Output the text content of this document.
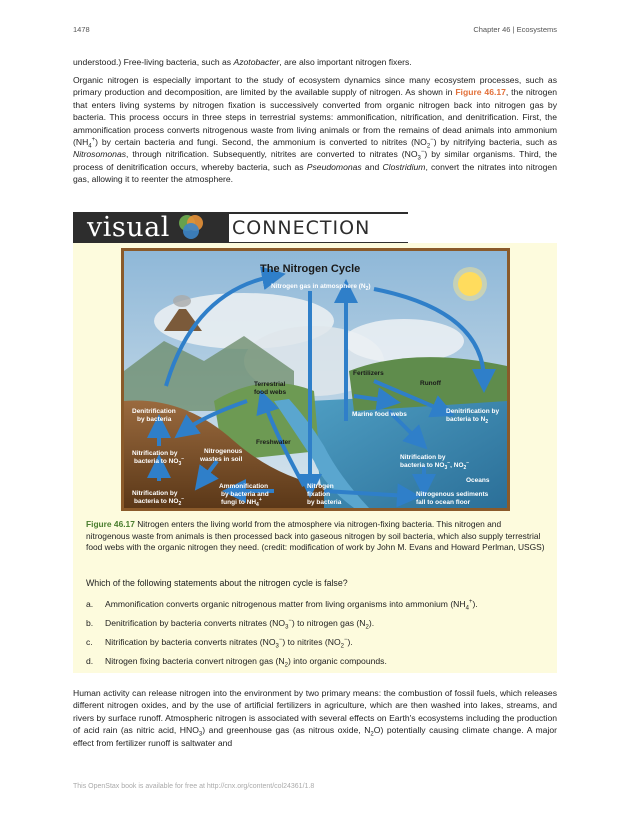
1478	Chapter 46 | Ecosystems
understood.) Free-living bacteria, such as Azotobacter, are also important nitrogen fixers.
Organic nitrogen is especially important to the study of ecosystem dynamics since many ecosystem processes, such as primary production and decomposition, are limited by the available supply of nitrogen. As shown in Figure 46.17, the nitrogen that enters living systems by nitrogen fixation is successively converted from organic nitrogen back into nitrogen gas by bacteria. This process occurs in three steps in terrestrial systems: ammonification, nitrification, and denitrification. First, the ammonification process converts nitrogenous waste from living animals or from the remains of dead animals into ammonium $(NH_4^+)$ by certain bacteria and fungi. Second, the ammonium is converted to nitrites $(NO_2^-)$ by nitrifying bacteria, such as Nitrosomonas, through nitrification. Subsequently, nitrites are converted to nitrates $(NO_3^-)$ by similar organisms. Third, the process of denitrification occurs, whereby bacteria, such as Pseudomonas and Clostridium, convert the nitrates into nitrogen gas, allowing it to reenter the atmosphere.
visual	CONNECTION
The Nitrogen Cycle
Nitrogen gas in atmosphere $(N_2)$
Terrestrial
food webs
Denitrification
by bacteria
Nitrification by
bacteria to $NO_3^-$
Nitrogenous
wastes in soil
Freshwater
Nitrification by
bacteria to $NO_2^-$
Ammonification
by bacteria and
fungi to $NH_4^+$
Nitrogen
fixation
by bacteria
Fertilizers
Runoff
Marine food webs	Denitrification by
bacteria to $N_2$
Nitrification by
bacteria to $NO_3^-$, $NO_2^-$
Oceans
Nitrogenous sediments
fall to ocean floor
Figure 46.17 Nitrogen enters the living world from the atmosphere via nitrogen-fixing bacteria. This nitrogen and nitrogenous waste from animals is then processed back into gaseous nitrogen by soil bacteria, which also supply terrestrial food webs with the organic nitrogen they need. (credit: modification of work by John M. Evans and Howard Perlman, USGS)
Which of the following statements about the nitrogen cycle is false?
a. Ammonification converts organic nitrogenous matter from living organisms into ammonium $(NH_4^+)$.
b. Denitrification by bacteria converts nitrates $(NO_3^-)$ to nitrogen gas $(N_2)$.
c. Nitrification by bacteria converts nitrates $(NO_3^-)$ to nitrites $(NO_2^-)$.
d. Nitrogen fixing bacteria convert nitrogen gas $(N_2)$ into organic compounds.
Human activity can release nitrogen into the environment by two primary means: the combustion of fossil fuels, which releases different nitrogen oxides, and by the use of artificial fertilizers in agriculture, which are then washed into lakes, streams, and rivers by surface runoff. Atmospheric nitrogen is associated with several effects on Earth's ecosystems including the production of acid rain (as nitric acid, $HNO_3$) and greenhouse gas (as nitrous oxide, $N_2O$) potentially causing climate change. A major effect from fertilizer runoff is saltwater and
This OpenStax book is available for free at http://cnx.org/content/col24361/1.8
